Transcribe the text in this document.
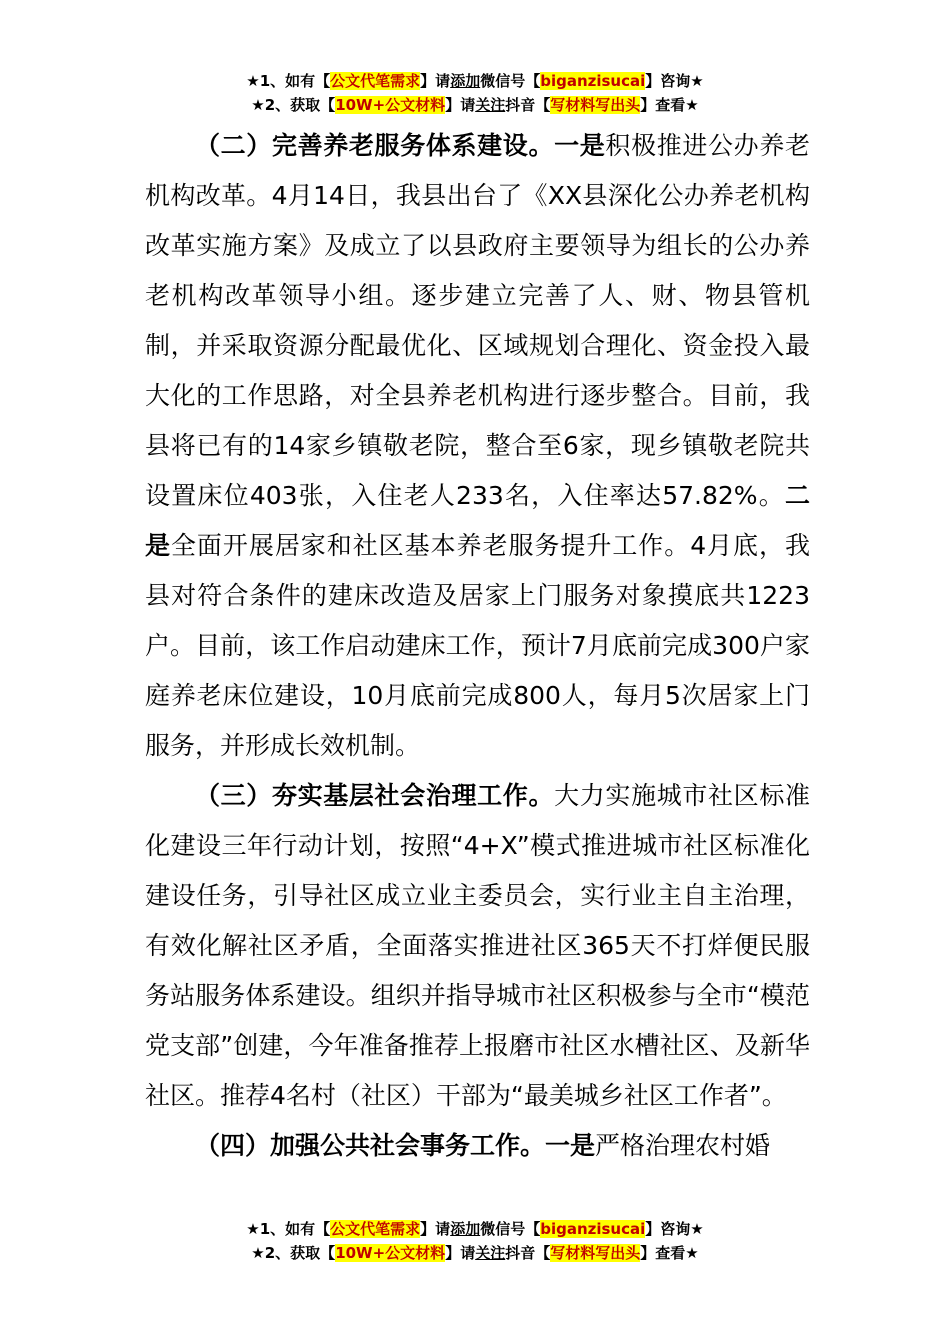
★1、如有【公文代笔需求】请添加微信号【biganzisucai】咨询★
★2、获取【10W+公文材料】请关注抖音【写材料写出头】查看★

（二）完善养老服务体系建设。一是积极推进公办养老机构改革。4月14日，我县出台了《XX县深化公办养老机构改革实施方案》及成立了以县政府主要领导为组长的公办养老机构改革领导小组。逐步建立完善了人、财、物县管机制，并采取资源分配最优化、区域规划合理化、资金投入最大化的工作思路，对全县养老机构进行逐步整合。目前，我县将已有的14家乡镇敬老院，整合至6家，现乡镇敬老院共设置床位403张，入住老人233名，入住率达57.82%。二是全面开展居家和社区基本养老服务提升工作。4月底，我县对符合条件的建床改造及居家上门服务对象摸底共1223户。目前，该工作启动建床工作，预计7月底前完成300户家庭养老床位建设，10月底前完成800人，每月5次居家上门服务，并形成长效机制。

（三）夯实基层社会治理工作。大力实施城市社区标准化建设三年行动计划，按照“4+X”模式推进城市社区标准化建设任务，引导社区成立业主委员会，实行业主自主治理，有效化解社区矛盾，全面落实推进社区365天不打烊便民服务站服务体系建设。组织并指导城市社区积极参与全市“模范党支部”创建，今年准备推荐上报磨市社区水槽社区、及新华社区。推荐4名村（社区）干部为“最美城乡社区工作者”。

（四）加强公共社会事务工作。一是严格治理农村婚

★1、如有【公文代笔需求】请添加微信号【biganzisucai】咨询★
★2、获取【10W+公文材料】请关注抖音【写材料写出头】查看★
